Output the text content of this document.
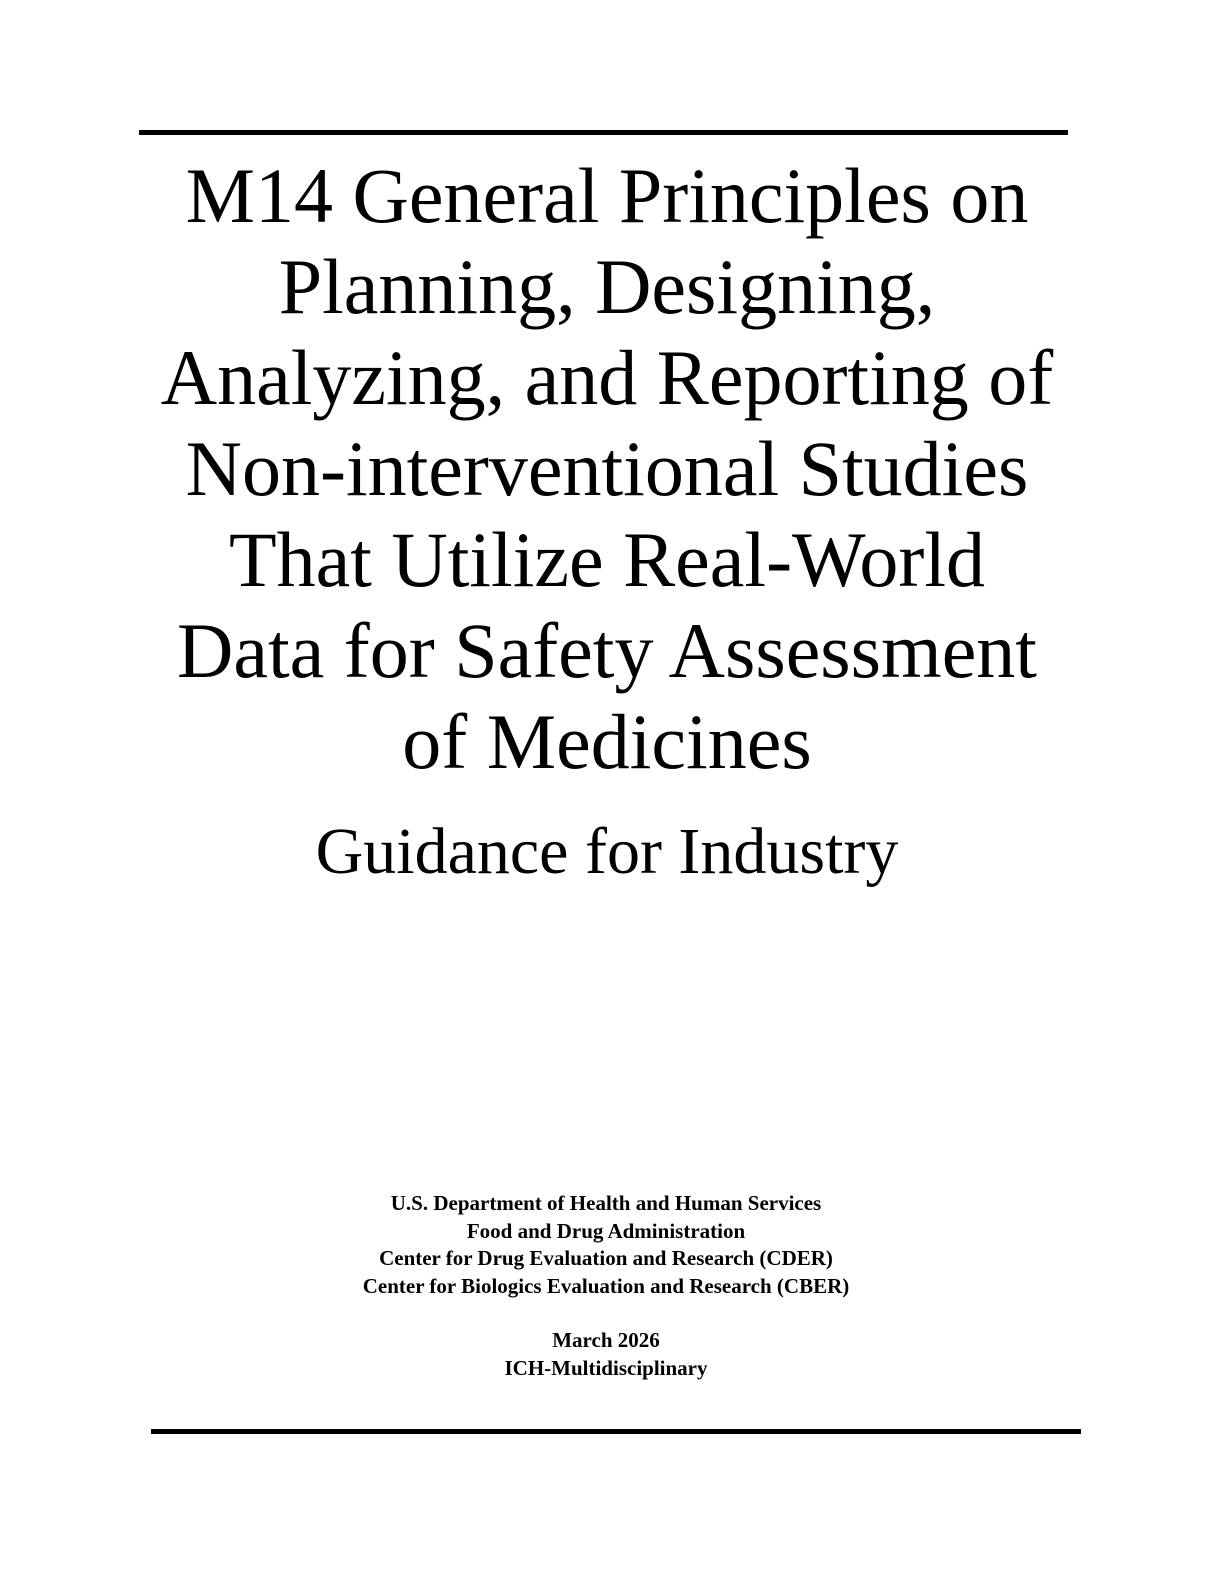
M14 General Principles on
Planning, Designing,
Analyzing, and Reporting of
Non-interventional Studies
That Utilize Real-World
Data for Safety Assessment
of Medicines
Guidance for Industry
U.S. Department of Health and Human Services
Food and Drug Administration
Center for Drug Evaluation and Research (CDER)
Center for Biologics Evaluation and Research (CBER)
March 2026
ICH-Multidisciplinary
